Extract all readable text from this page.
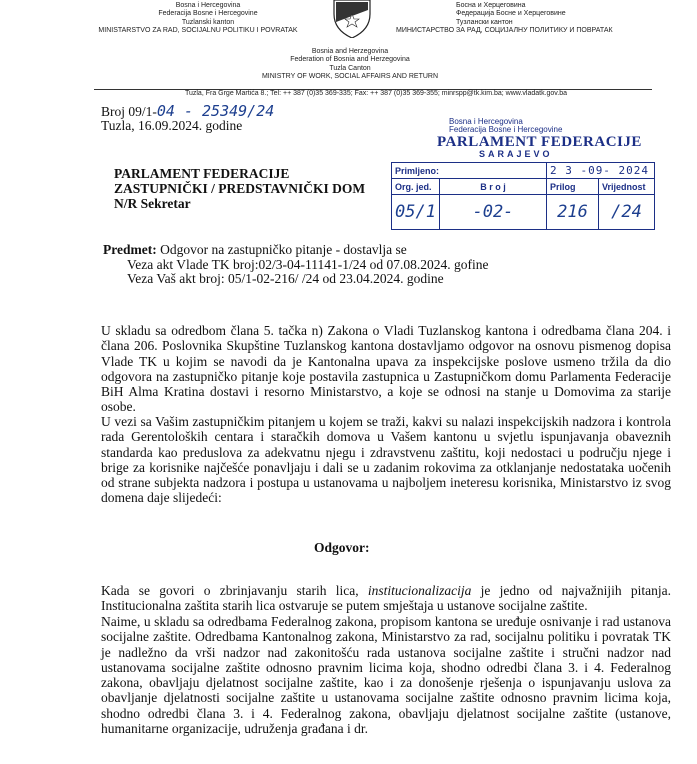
Bosna i Hercegovina
Federacija Bosne i Hercegovine
Tuzlanski kanton
MINISTARSTVO ZA RAD, SOCIJALNU POLITIKU I POVRATAK
Босна и Херцеговина
Федерација Босне и Херцеговине
Тузлански кантон
МИНИСТАРСТВО ЗА РАД, СОЦИЈАЛНУ ПОЛИТИКУ И ПОВРАТАК
Bosnia and Herzegovina
Federation of Bosnia and Herzegovina
Tuzla Canton
MINISTRY OF WORK, SOCIAL AFFAIRS AND RETURN
Tuzla, Fra Grge Martića 8.; Tel: ++ 387 (0)35 369-335; Fax: ++ 387 (0)35 369-355; minrspp@tk.kim.ba; www.vladatk.gov.ba
Broj 09/1-04 - 25349/24
Tuzla, 16.09.2024. godine
PARLAMENT FEDERACIJE
ZASTUPNIČKI / PREDSTAVNIČKI DOM
N/R Sekretar
Bosna i Hercegovina
Federacija Bosne i Hercegovine
PARLAMENT FEDERACIJE
SARAJEVO
Primljeno:		2 3 -09- 2024	
Org. jed.	B r o j	Prilog	Vrijednost
05/1	-02-	216	/24
Predmet: Odgovor na zastupničko pitanje - dostavlja se
Veza akt Vlade TK broj:02/3-04-11141-1/24 od 07.08.2024. gofine
Veza Vaš akt broj: 05/1-02-216/ /24 od 23.04.2024. godine
U skladu sa odredbom člana 5. tačka n) Zakona o Vladi Tuzlanskog kantona i odredbama člana 204. i člana 206. Poslovnika Skupštine Tuzlanskog kantona dostavljamo odgovor na osnovu pismenog dopisa Vlade TK u kojim se navodi da je Kantonalna upava za inspekcijske poslove usmeno tržila da dio odgovora na zastupničko pitanje koje postavila zastupnica u Zastupničkom domu Parlamenta Federacije BiH Alma Kratina dostavi i resorno Ministarstvo, a koje se odnosi na stanje u Domovima za starije osobe.
U vezi sa Vašim zastupničkim pitanjem u kojem se traži, kakvi su nalazi inspekcijskih nadzora i kontrola rada Gerentoloških centara i staračkih domova u Vašem kantonu u svjetlu ispunjavanja obaveznih standarda kao preduslova za adekvatnu njegu i zdravstvenu zaštitu, koji nedostaci u području njege i brige za korisnike najčešće ponavljaju i dali se u zadanim rokovima za otklanjanje nedostataka uočenih od strane subjekta nadzora i postupa u ustanovama u najboljem ineteresu korisnika, Ministarstvo iz svog domena daje slijedeći:
Odgovor:
Kada se govori o zbrinjavanju starih lica, institucionalizacija je jedno od najvažnijih pitanja. Institucionalna zaštita starih lica ostvaruje se putem smještaja u ustanove socijalne zaštite.
Naime, u skladu sa odredbama Federalnog zakona, propisom kantona se uređuje osnivanje i rad ustanova socijalne zaštite. Odredbama Kantonalnog zakona, Ministarstvo za rad, socijalnu politiku i povratak TK je nadležno da vrši nadzor nad zakonitošću rada ustanova socijalne zaštite i stručni nadzor nad ustanovama socijalne zaštite odnosno pravnim licima koja, shodno odredbi člana 3. i 4. Federalnog zakona, obavljaju djelatnost socijalne zaštite, kao i za donošenje rješenja o ispunjavanju uslova za obavljanje djelatnosti socijalne zaštite u ustanovama socijalne zaštite odnosno pravnim licima koja, shodno odredbi člana 3. i 4. Federalnog zakona, obavljaju djelatnost socijalne zaštite (ustanove, humanitarne organizacije, udruženja građana i dr.
